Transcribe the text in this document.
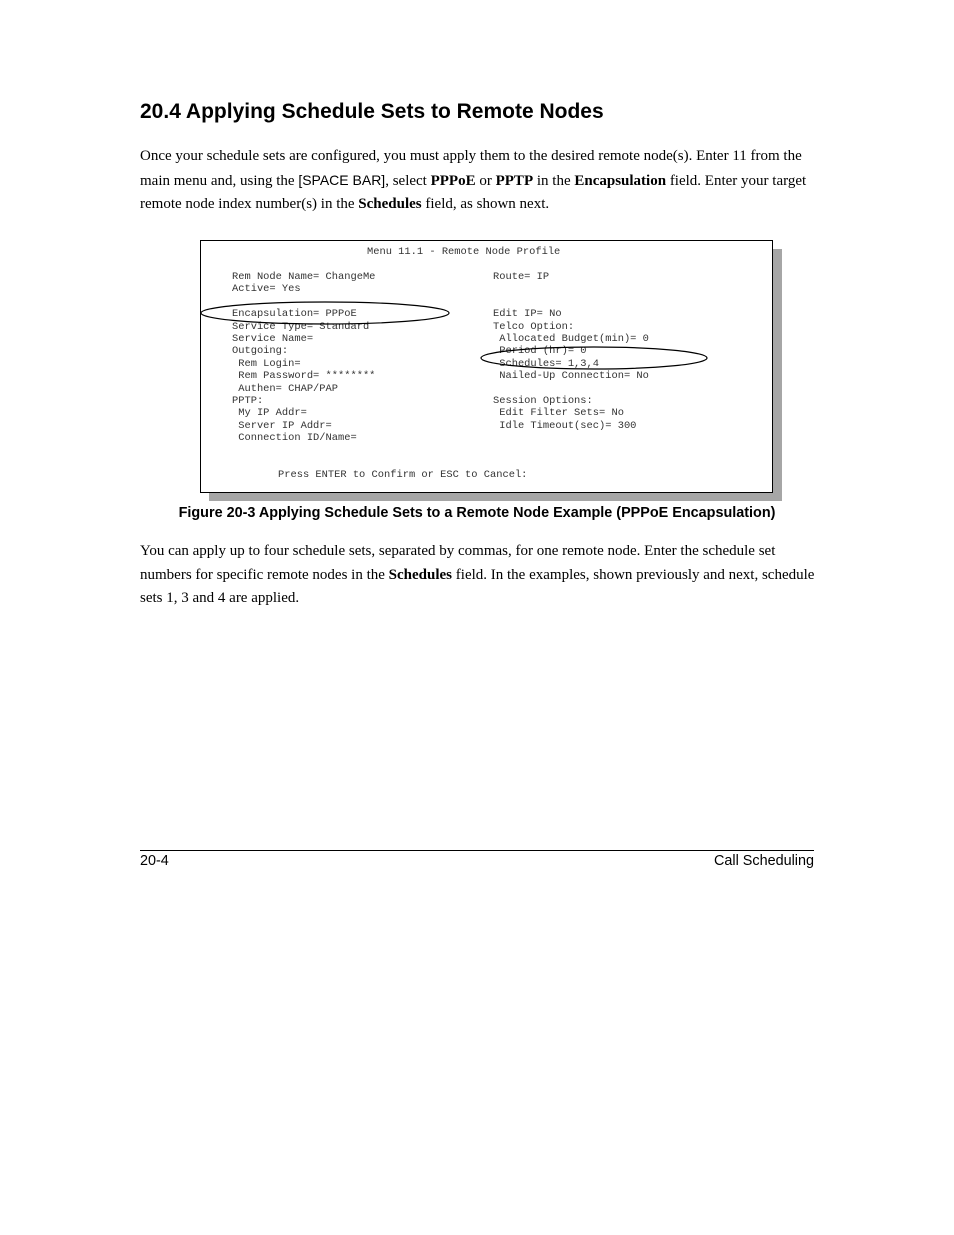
20.4 Applying Schedule Sets to Remote Nodes

Once your schedule sets are configured, you must apply them to the desired remote node(s). Enter 11 from the main menu and, using the [SPACE BAR], select PPPoE or PPTP in the Encapsulation field. Enter your target remote node index number(s) in the Schedules field, as shown next.

Menu 11.1 - Remote Node Profile
Rem Node Name= ChangeMe
Active= Yes
Encapsulation= PPPoE
Service Type= Standard
Service Name=
Outgoing:
Rem Login=
Rem Password= ********
Authen= CHAP/PAP
PPTP:
My IP Addr=
Server IP Addr=
Connection ID/Name=
Route= IP
Edit IP= No
Telco Option:
Allocated Budget(min)= 0
Period (hr)= 0
Schedules= 1,3,4
Nailed-Up Connection= No
Session Options:
Edit Filter Sets= No
Idle Timeout(sec)= 300
Press ENTER to Confirm or ESC to Cancel:

Figure 20-3 Applying Schedule Sets to a Remote Node Example (PPPoE Encapsulation)

You can apply up to four schedule sets, separated by commas, for one remote node. Enter the schedule set numbers for specific remote nodes in the Schedules field. In the examples, shown previously and next, schedule sets 1, 3 and 4 are applied.

20-4	Call Scheduling
